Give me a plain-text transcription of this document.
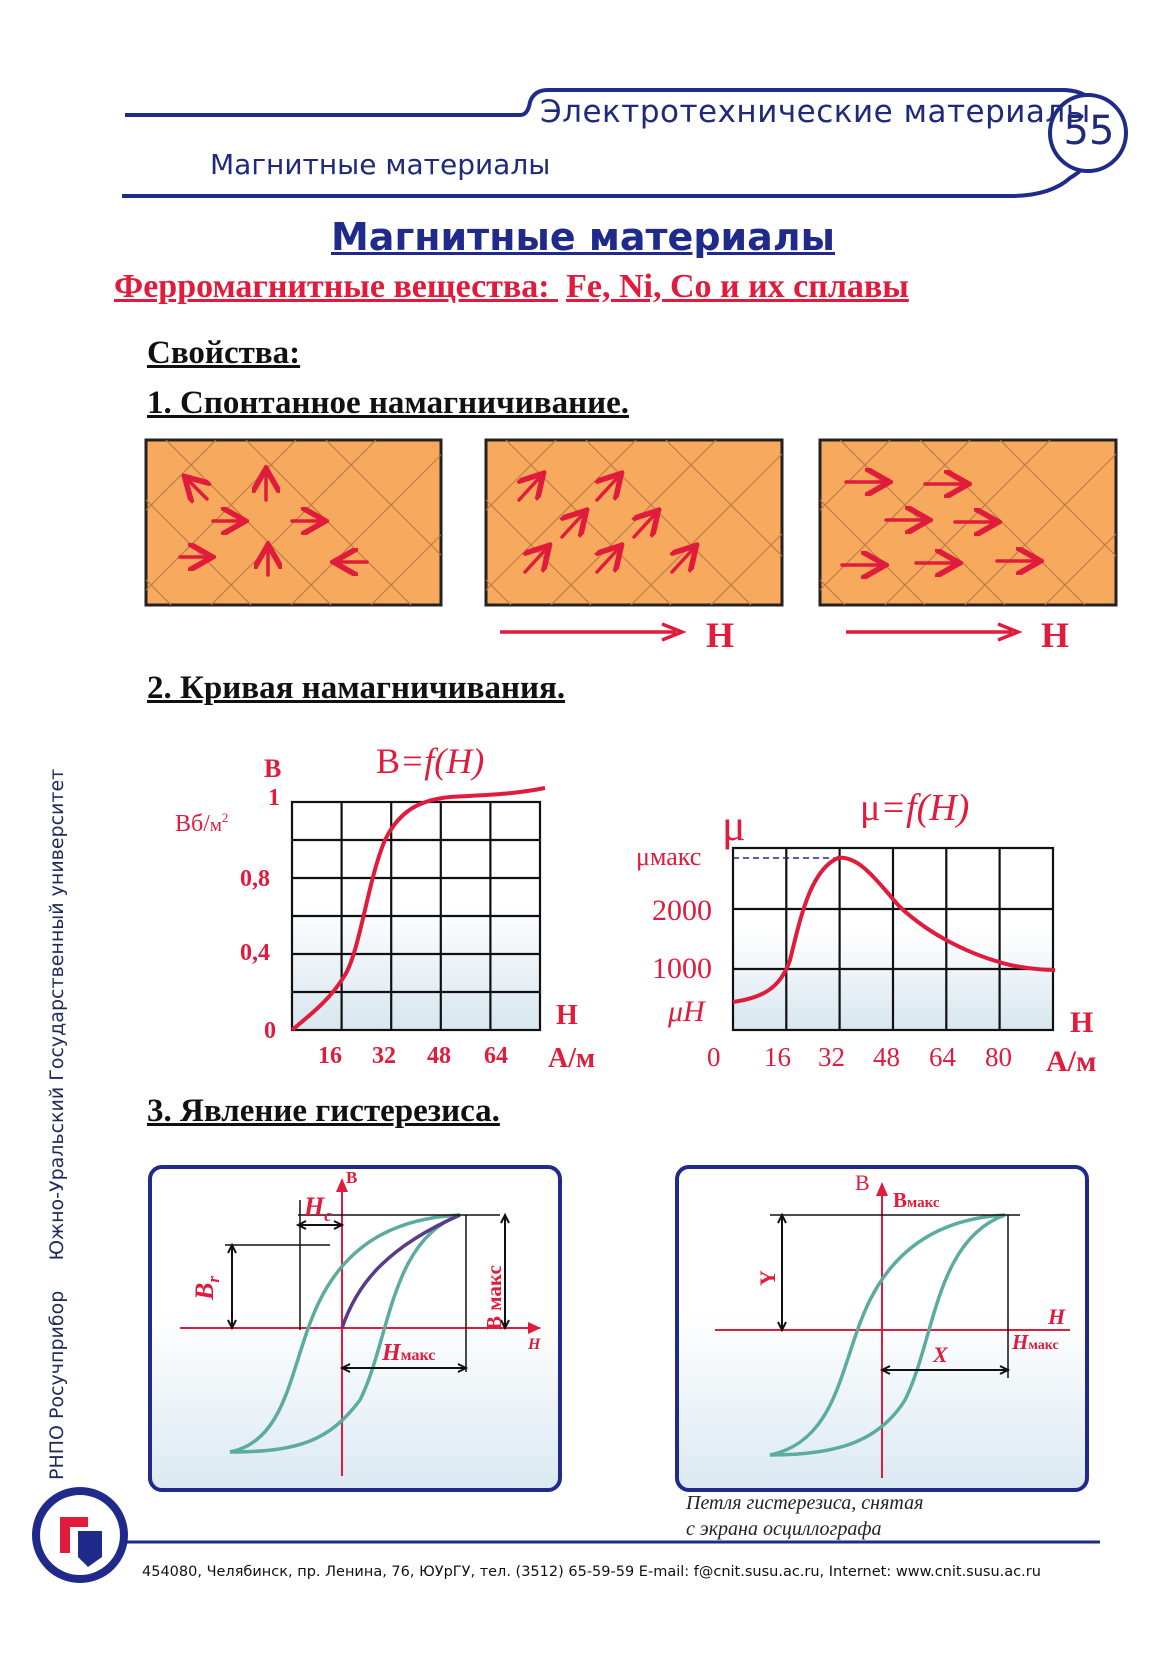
Электротехнические материалы
55
Магнитные материалы
Магнитные материалы
Ферромагнитные вещества: Fe, Ni, Co и их сплавы
Свойства:
1. Спонтанное намагничивание.
H	H
2. Кривая намагничивания.
B
$Вб/м^2$
B=f(H)
1
0,8
0,4
0
16 32 48 64
H
А/м
μ	μ=f(H)
μмакс
2000
1000
μH
0 16 32 48 64 80
H
А/м
3. Явление гистерезиса.
B
H
$H_c$
$B_r$	B макс
Hмакс
B
Bмакс
H
Hмакс
Y
X
Петля гистерезиса, снятая
с экрана осциллографа
РНПО Росучприбор     Южно-Уральский Государственный университет
454080, Челябинск, пр. Ленина, 76, ЮУрГУ, тел. (3512) 65-59-59 E-mail: f@cnit.susu.ac.ru, Internet: www.cnit.susu.ac.ru
